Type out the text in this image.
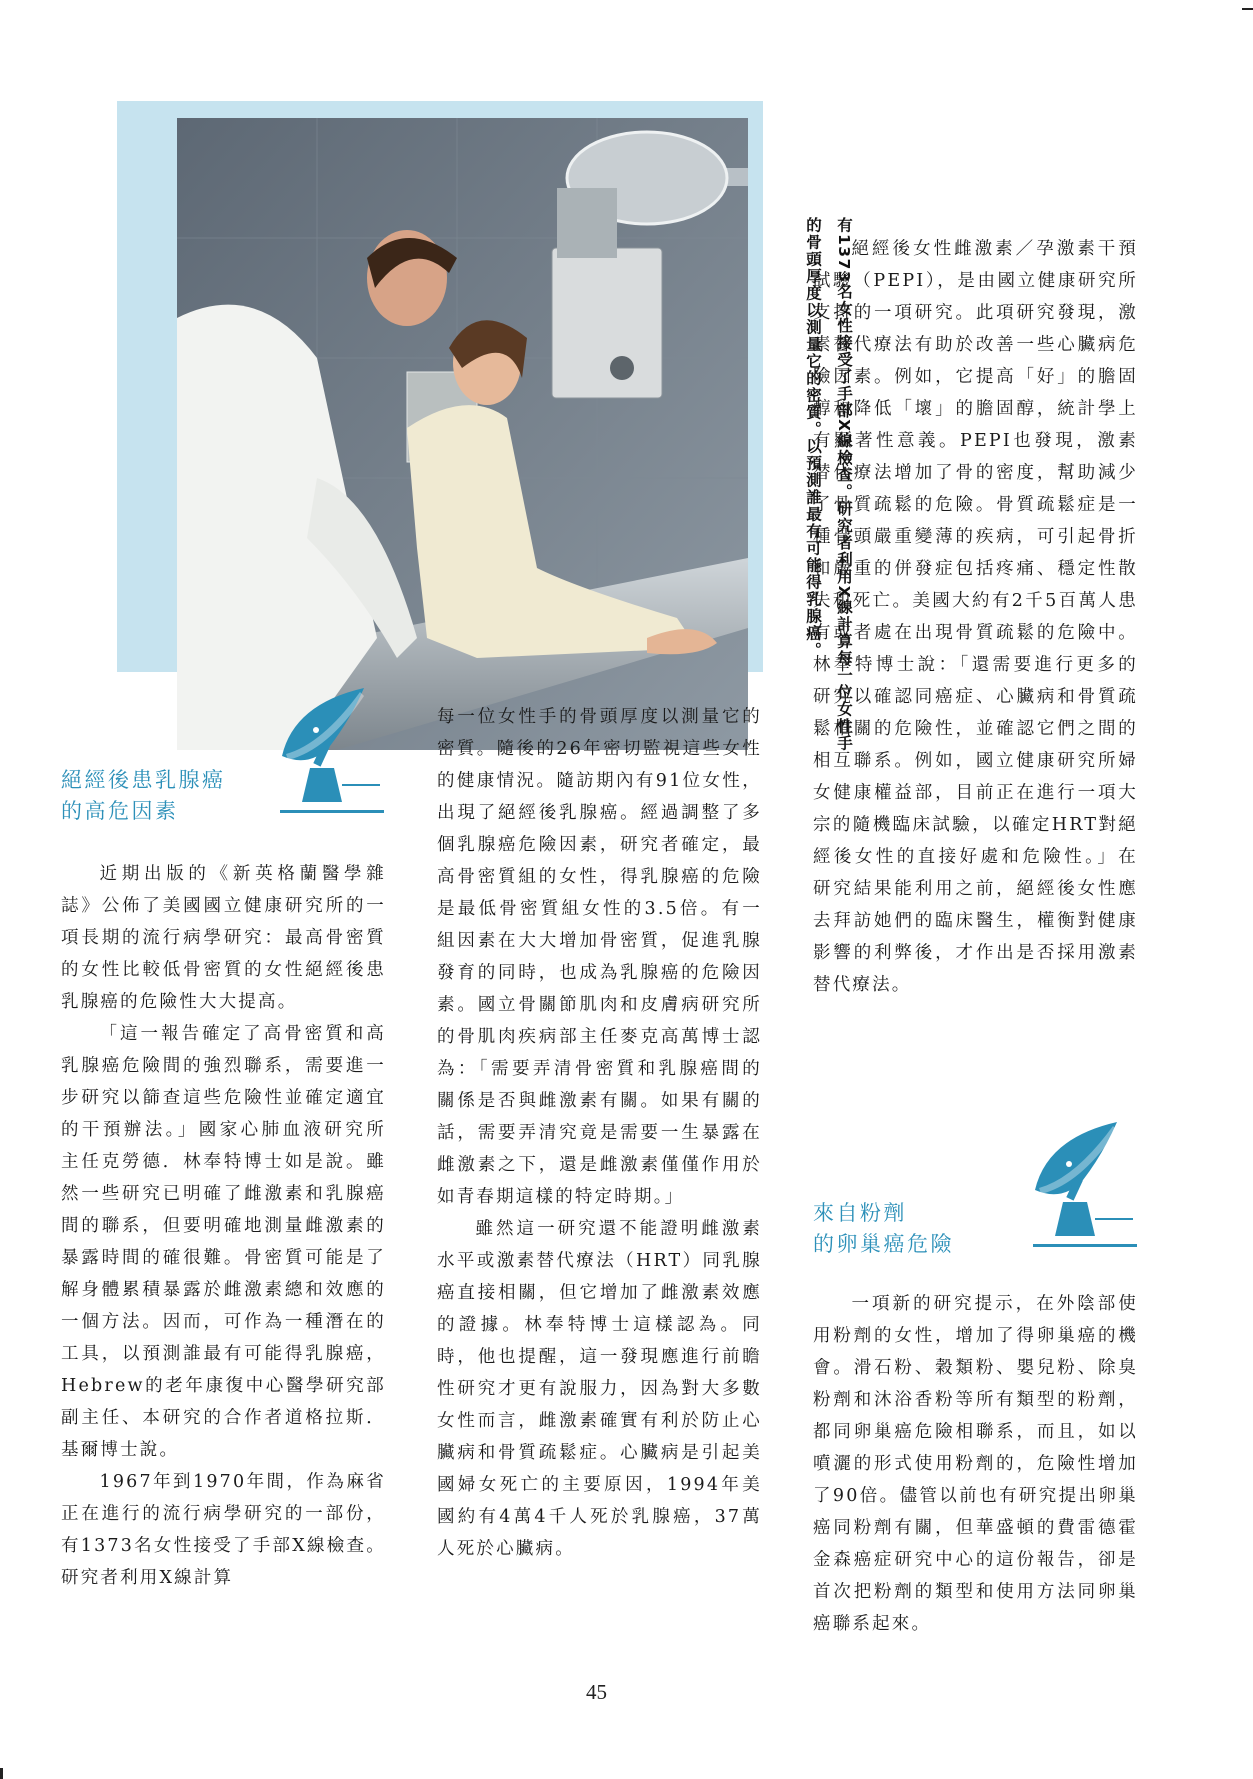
有1373名女性接受了手部X線檢查。研究者利用X線計算每一位女性手的骨頭厚度以測量它的密質。以預測誰最有可能得乳腺癌。
絕經後患乳腺癌
的高危因素

近期出版的《新英格蘭醫學雜誌》公佈了美國國立健康研究所的一項長期的流行病學研究：最高骨密質的女性比較低骨密質的女性絕經後患乳腺癌的危險性大大提高。

「這一報告確定了高骨密質和高乳腺癌危險間的強烈聯系，需要進一步研究以篩查這些危險性並確定適宜的干預辦法。」國家心肺血液研究所主任克勞德．林奉特博士如是說。雖然一些研究已明確了雌激素和乳腺癌間的聯系，但要明確地測量雌激素的暴露時間的確很難。骨密質可能是了解身體累積暴露於雌激素總和效應的一個方法。因而，可作為一種潛在的工具，以預測誰最有可能得乳腺癌，Hebrew的老年康復中心醫學研究部副主任、本研究的合作者道格拉斯．基爾博士說。

1967年到1970年間，作為麻省正在進行的流行病學研究的一部份，有1373名女性接受了手部X線檢查。研究者利用X線計算

每一位女性手的骨頭厚度以測量它的密質。隨後的26年密切監視這些女性的健康情況。隨訪期內有91位女性，出現了絕經後乳腺癌。經過調整了多個乳腺癌危險因素，研究者確定，最高骨密質組的女性，得乳腺癌的危險是最低骨密質組女性的3.5倍。有一組因素在大大增加骨密質，促進乳腺發育的同時，也成為乳腺癌的危險因素。國立骨關節肌肉和皮膚病研究所的骨肌肉疾病部主任麥克高萬博士認為：「需要弄清骨密質和乳腺癌間的關係是否與雌激素有關。如果有關的話，需要弄清究竟是需要一生暴露在雌激素之下，還是雌激素僅僅作用於如青春期這樣的特定時期。」

雖然這一研究還不能證明雌激素水平或激素替代療法（HRT）同乳腺癌直接相關，但它增加了雌激素效應的證據。林奉特博士這樣認為。同時，他也提醒，這一發現應進行前瞻性研究才更有說服力，因為對大多數女性而言，雌激素確實有利於防止心臟病和骨質疏鬆症。心臟病是引起美國婦女死亡的主要原因，1994年美國約有4萬4千人死於乳腺癌，37萬人死於心臟病。

絕經後女性雌激素／孕激素干預試驗（PEPI），是由國立健康研究所支持的一項研究。此項研究發現，激素替代療法有助於改善一些心臟病危險因素。例如，它提高「好」的膽固醇和降低「壞」的膽固醇，統計學上有顯著性意義。PEPI也發現，激素替代療法增加了骨的密度，幫助減少了骨質疏鬆的危險。骨質疏鬆症是一種骨頭嚴重變薄的疾病，可引起骨折和嚴重的併發症包括疼痛、穩定性散失和死亡。美國大約有2千5百萬人患有或者處在出現骨質疏鬆的危險中。林奉特博士說：「還需要進行更多的研究以確認同癌症、心臟病和骨質疏鬆相關的危險性，並確認它們之間的相互聯系。例如，國立健康研究所婦女健康權益部，目前正在進行一項大宗的隨機臨床試驗，以確定HRT對絕經後女性的直接好處和危險性。」在研究結果能利用之前，絕經後女性應去拜訪她們的臨床醫生，權衡對健康影響的利弊後，才作出是否採用激素替代療法。

來自粉劑
的卵巢癌危險

一項新的研究提示，在外陰部使用粉劑的女性，增加了得卵巢癌的機會。滑石粉、穀類粉、嬰兒粉、除臭粉劑和沐浴香粉等所有類型的粉劑，都同卵巢癌危險相聯系，而且，如以噴灑的形式使用粉劑的，危險性增加了90倍。儘管以前也有研究提出卵巢癌同粉劑有關，但華盛頓的費雷德霍金森癌症研究中心的這份報告，卻是首次把粉劑的類型和使用方法同卵巢癌聯系起來。

45
